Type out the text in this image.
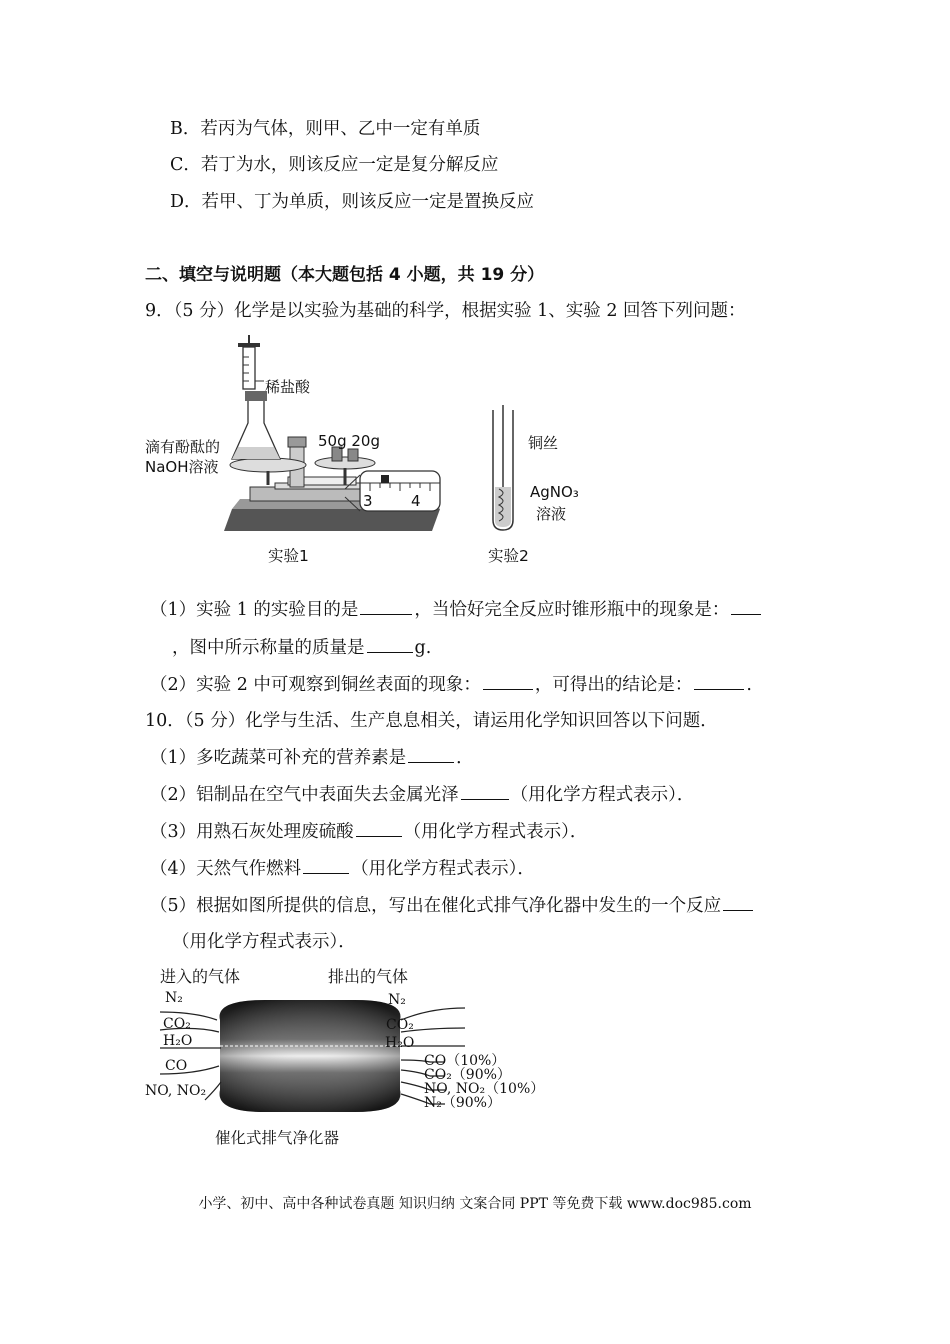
B．若丙为气体，则甲、乙中一定有单质
C．若丁为水，则该反应一定是复分解反应
D．若甲、丁为单质，则该反应一定是置换反应
二、填空与说明题（本大题包括 4 小题，共 19 分）
9．（5 分）化学是以实验为基础的科学，根据实验 1、实验 2 回答下列问题：
稀盐酸
滴有酚酞的
NaOH溶液
50g 20g
3	4
铜丝
AgNO₃
溶液
实验1	实验2
（1）实验 1 的实验目的是	，当恰好完全反应时锥形瓶中的现象是：
，图中所示称量的质量是	g.
（2）实验 2 中可观察到铜丝表面的现象：	，可得出的结论是：	.
10．（5 分）化学与生活、生产息息相关，请运用化学知识回答以下问题．
（1）多吃蔬菜可补充的营养素是	．
（2）铝制品在空气中表面失去金属光泽	（用化学方程式表示）．
（3）用熟石灰处理废硫酸	（用化学方程式表示）．
（4）天然气作燃料	（用化学方程式表示）．
（5）根据如图所提供的信息，写出在催化式排气净化器中发生的一个反应
（用化学方程式表示）．
进入的气体	排出的气体
N₂
CO₂
H₂O
CO
NO, NO₂
N₂
CO₂
H₂O
CO（10%）
CO₂（90%）
NO, NO₂（10%）
N₂（90%）
催化式排气净化器
小学、初中、高中各种试卷真题 知识归纳 文案合同 PPT 等免费下载 www.doc985.com
